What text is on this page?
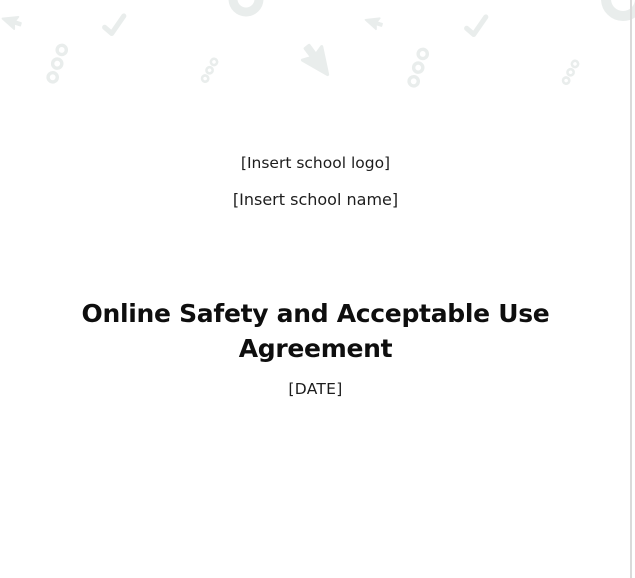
[Insert school logo]
[Insert school name]
Online Safety and Acceptable Use
Agreement
[DATE]
